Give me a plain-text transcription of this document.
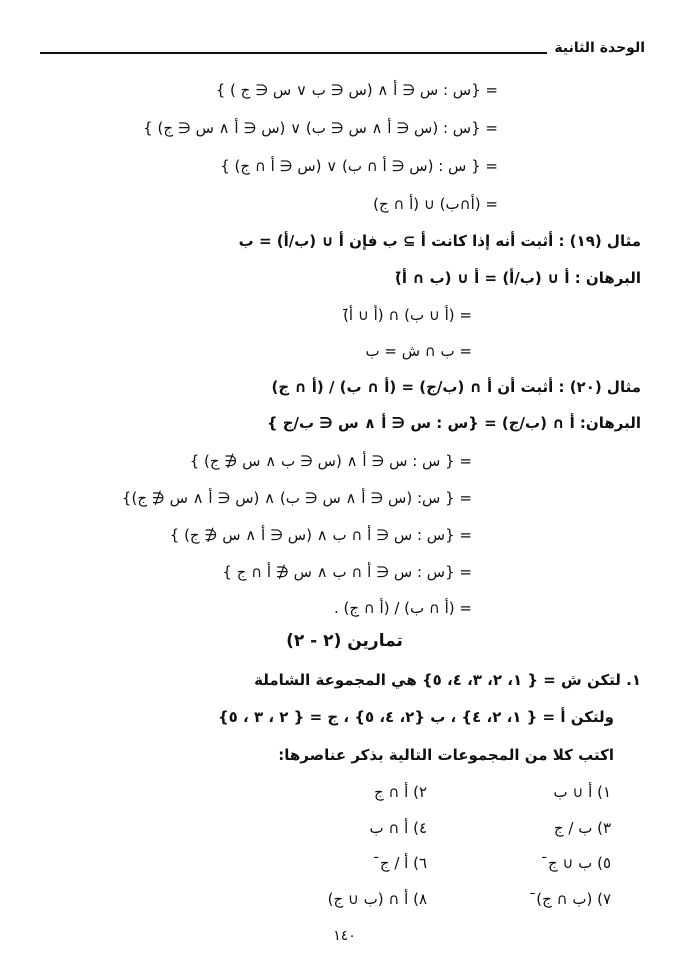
الوحدة الثانية
= {س : س ∈ أ ∧ (س ∈ ب ∨ س ∈ ج ) }
= {س : (س ∈ أ ∧ س ∈ ب) ∨ (س ∈ أ ∧ س ∈ ج) }
= { س : (س ∈ أ ∩ ب) ∨ (س ∈ أ ∩ ج) }
= (أ∩ب) ∪ (أ ∩ ج)
مثال (١٩) : أثبت أنه إذا كانت أ ⊇ ب فإن أ ∪ (ب/أ) = ب
البرهان : أ ∪ (ب/أ) = أ ∪ (ب ∩ أ̄)
= (أ ∪ ب) ∩ (أ ∪ أ̄)
= ب ∩ ش = ب
مثال (٢٠) : أثبت أن أ ∩ (ب/ج) = (أ ∩ ب) / (أ ∩ ج)
البرهان: أ ∩ (ب/ج) = {س : س ∈ أ ∧ س ∈ ب/ج }
= { س : س ∈ أ ∧ (س ∈ ب ∧ س ∉ ج) }
= { س: (س ∈ أ ∧ س ∈ ب) ∧ (س ∈ أ ∧ س ∉ ج)}
= {س : س ∈ أ ∩ ب ∧ (س ∈ أ ∧ س ∉ ج) }
= {س : س ∈ أ ∩ ب ∧ س ∉ أ ∩ ج }
= (أ ∩ ب) / (أ ∩ ج) .
تمارين (٢ - ٢)
١. لتكن ش = { ١، ٢، ٣، ٤، ٥} هي المجموعة الشاملة
ولتكن أ = { ١، ٢، ٤} ، ب {٢، ٤، ٥} ، ج = { ٢ ، ٣ ، ٥}
اكتب كلا من المجموعات التالية بذكر عناصرها:
١) أ ∪ ب
٢) أ ∩ ج
٣) ب / ج
٤) أ ∩ ب
٥) ب ∪ ج̄
٦) أ / ج̄
٧) (ب ∩ ج)̄
٨) أ ∩ (ب ∪ ج)
١٤٠
